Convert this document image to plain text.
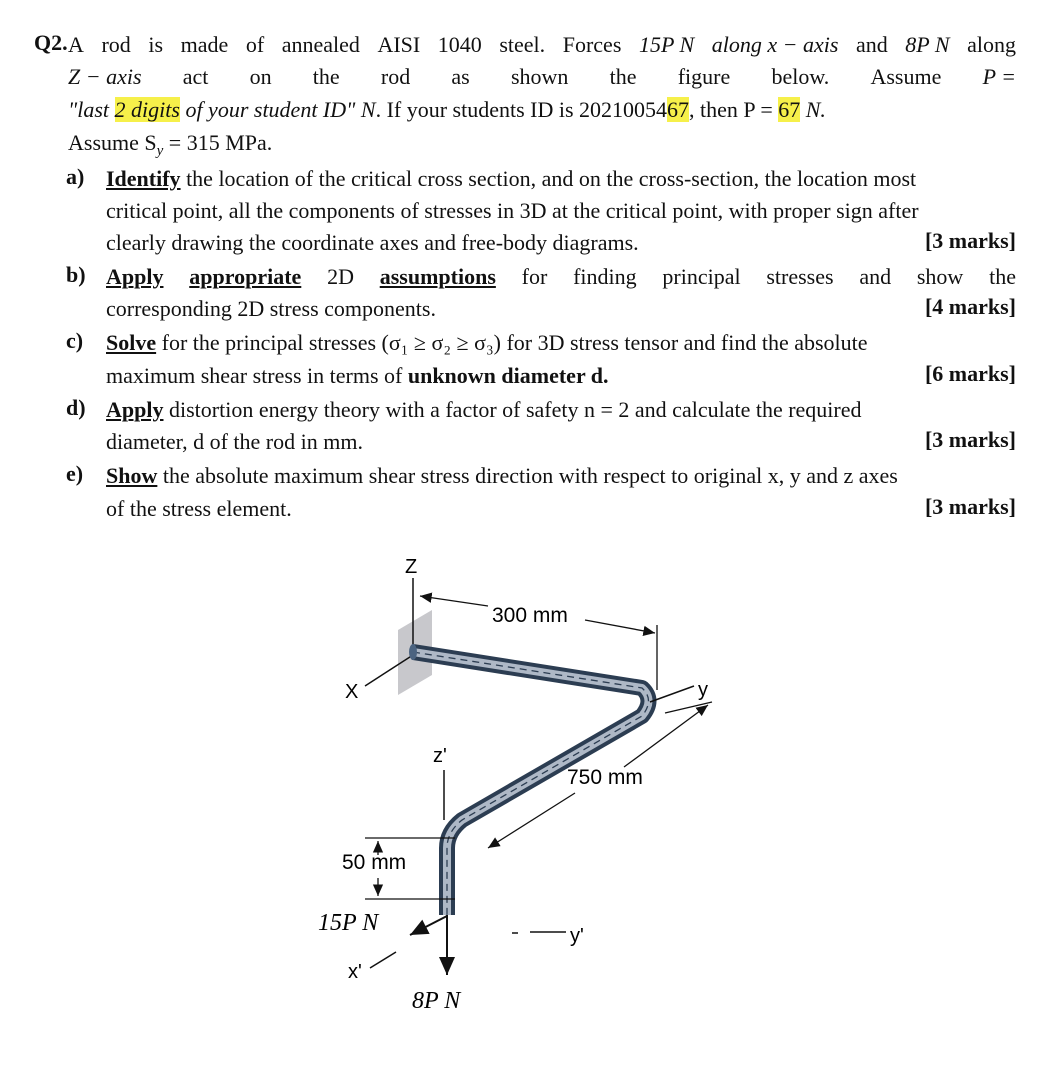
Q2. A rod is made of annealed AISI 1040 steel. Forces 15P N along x − axis and 8P N along
Z − axis act on the rod as shown the figure below. Assume P =
"last 2 digits of your student ID" N. If your students ID is 2021005467, then P = 67 N.
Assume $S_y = 315$ MPa.
a) Identify the location of the critical cross section, and on the cross-section, the location most
critical point, all the components of stresses in 3D at the critical point, with proper sign after
clearly drawing the coordinate axes and free-body diagrams.	[3 marks]
b) Apply appropriate 2D assumptions for finding principal stresses and show the
corresponding 2D stress components.	[4 marks]
c) Solve for the principal stresses (σ₁ ≥ σ₂ ≥ σ₃) for 3D stress tensor and find the absolute
maximum shear stress in terms of unknown diameter d.	[6 marks]
d) Apply distortion energy theory with a factor of safety n = 2 and calculate the required
diameter, d of the rod in mm.	[3 marks]
e) Show the absolute maximum shear stress direction with respect to original x, y and z axes
of the stress element.	[3 marks]
Z
X	y
z'
x'
y'
300 mm
750 mm
50 mm
15P N
8P N
